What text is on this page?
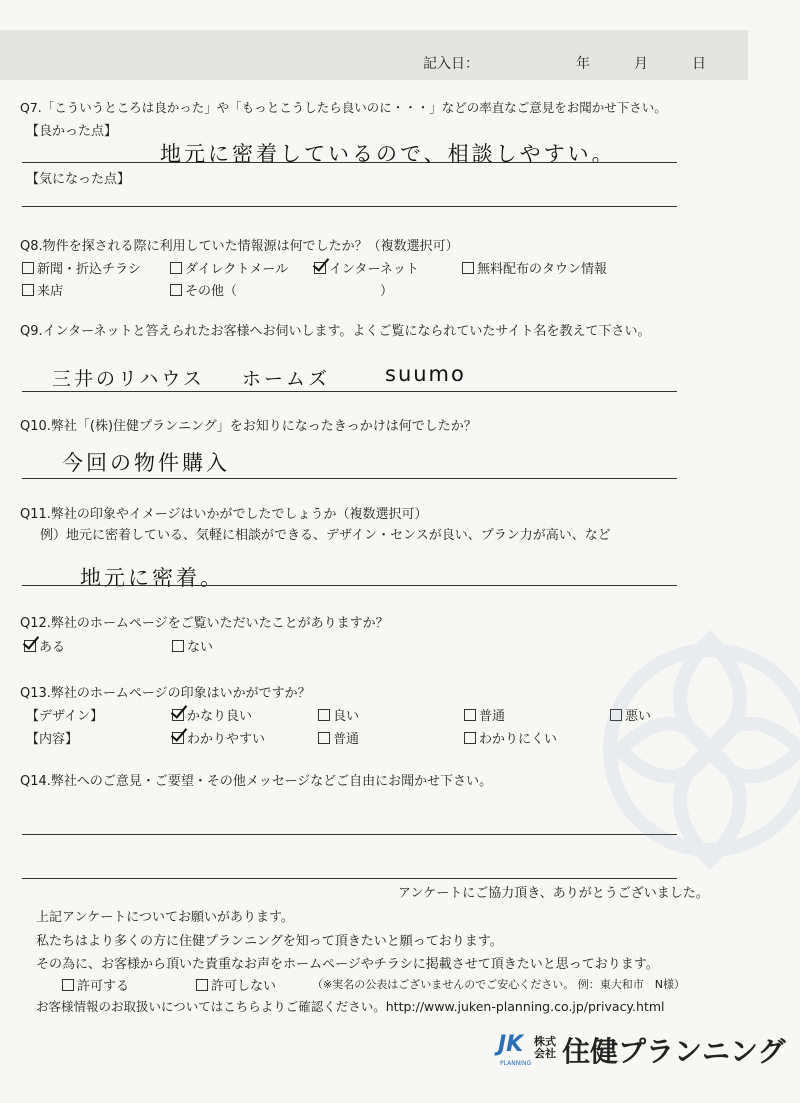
記入日：	年	月	日
Q7.「こういうところは良かった」や「もっとこうしたら良いのに・・・」などの率直なご意見をお聞かせ下さい。
【良かった点】
地元に密着しているので、相談しやすい。
【気になった点】
Q8.物件を探される際に利用していた情報源は何でしたか？（複数選択可）
新聞・折込チラシ	ダイレクトメール	インターネット	無料配布のタウン情報
来店	その他（	）
Q9.インターネットと答えられたお客様へお伺いします。よくご覧になられていたサイト名を教えて下さい。
三井のリハウス ホームズ	suumo
Q10.弊社「(株)住健プランニング」をお知りになったきっかけは何でしたか？
今回の物件購入
Q11.弊社の印象やイメージはいかがでしたでしょうか（複数選択可）
例）地元に密着している、気軽に相談ができる、デザイン・センスが良い、プラン力が高い、など
地元に密着。
Q12.弊社のホームページをご覧いただいたことがありますか？
ある	ない
Q13.弊社のホームページの印象はいかがですか？
【デザイン】	かなり良い	良い	普通	悪い
【内容】	わかりやすい	普通	わかりにくい
Q14.弊社へのご意見・ご要望・その他メッセージなどご自由にお聞かせ下さい。
アンケートにご協力頂き、ありがとうございました。
上記アンケートについてお願いがあります。
私たちはより多くの方に住健プランニングを知って頂きたいと願っております。
その為に、お客様から頂いた貴重なお声をホームページやチラシに掲載させて頂きたいと思っております。
許可する	許可しない	（※実名の公表はございませんのでご安心ください。 例：東大和市　N様）
お客様情報のお取扱いについてはこちらよりご確認ください。http://www.juken-planning.co.jp/privacy.html
JK
PLANNING
株式会社 住健プランニング
